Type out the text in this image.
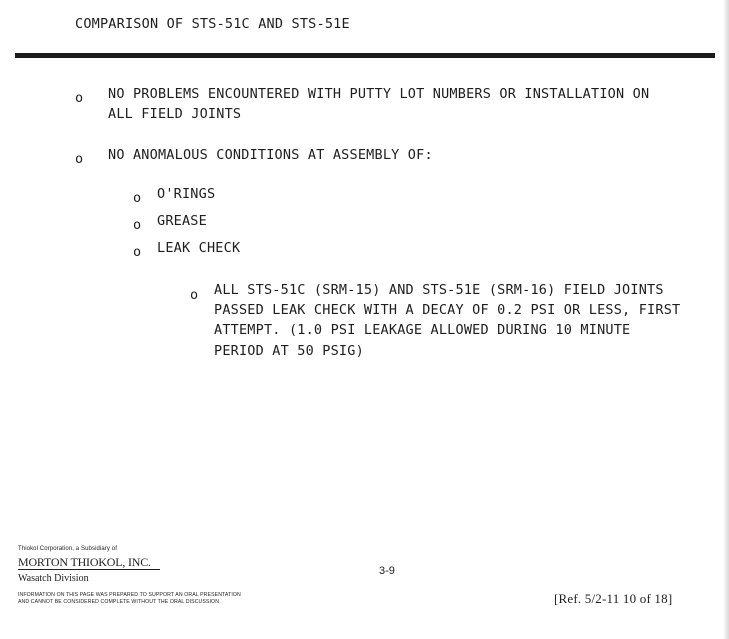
COMPARISON OF STS-51C AND STS-51E
o NO PROBLEMS ENCOUNTERED WITH PUTTY LOT NUMBERS OR INSTALLATION ON
ALL FIELD JOINTS
o NO ANOMALOUS CONDITIONS AT ASSEMBLY OF:
o O'RINGS
o GREASE
o LEAK CHECK
o ALL STS-51C (SRM-15) AND STS-51E (SRM-16) FIELD JOINTS
PASSED LEAK CHECK WITH A DECAY OF 0.2 PSI OR LESS, FIRST
ATTEMPT. (1.0 PSI LEAKAGE ALLOWED DURING 10 MINUTE
PERIOD AT 50 PSIG)
Thiokol Corporation, a Subsidiary of
MORTON THIOKOL, INC.
Wasatch Division
INFORMATION ON THIS PAGE WAS PREPARED TO SUPPORT AN ORAL PRESENTATION
AND CANNOT BE CONSIDERED COMPLETE WITHOUT THE ORAL DISCUSSION
3-9
[Ref. 5/2-11 10 of 18]
